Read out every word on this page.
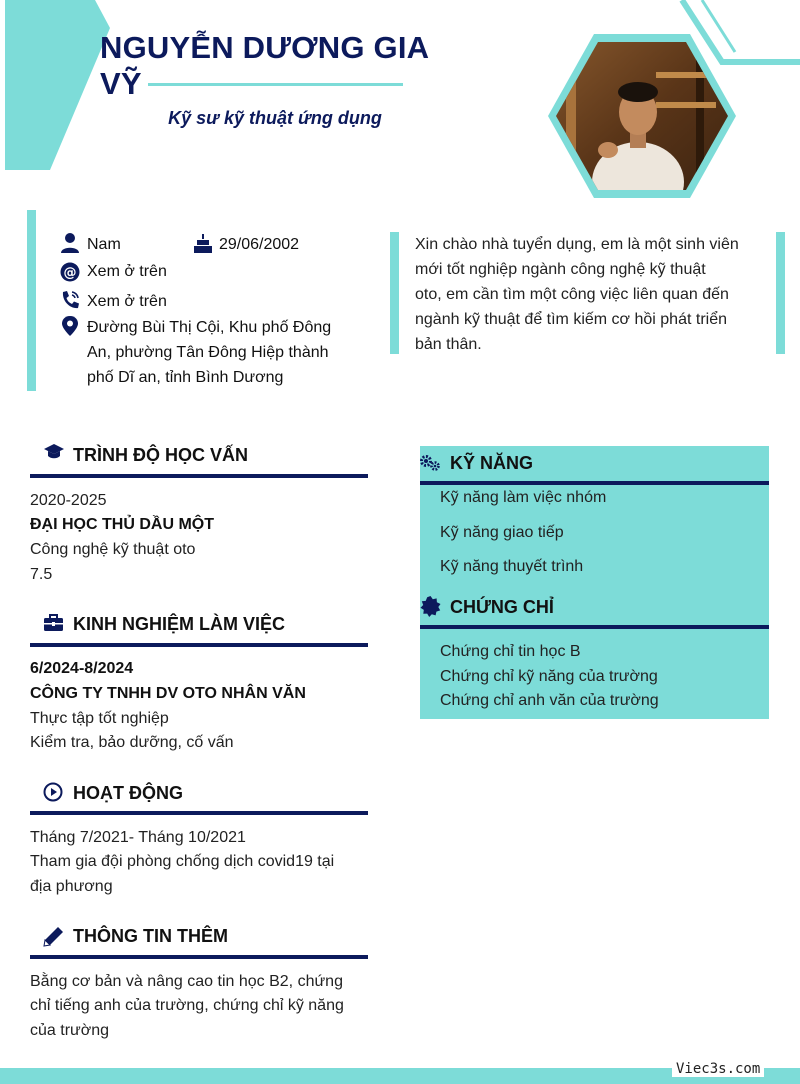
NGUYỄN DƯƠNG GIA VỸ
Kỹ sư kỹ thuật ứng dụng
Nam	29/06/2002
@ Xem ở trên
Xem ở trên
Đường Bùi Thị Cội, Khu phố Đông
An, phường Tân Đông Hiệp thành
phố Dĩ an, tỉnh Bình Dương
Xin chào nhà tuyển dụng, em là một sinh viên
mới tốt nghiệp ngành công nghệ kỹ thuật
oto, em cần tìm một công việc liên quan đến
ngành kỹ thuật để tìm kiếm cơ hồi phát triển
bản thân.
TRÌNH ĐỘ HỌC VẤN
2020-2025
ĐẠI HỌC THỦ DẦU MỘT
Công nghệ kỹ thuật oto
7.5
KINH NGHIỆM LÀM VIỆC
6/2024-8/2024
CÔNG TY TNHH DV OTO NHÂN VĂN
Thực tập tốt nghiệp
Kiểm tra, bảo dưỡng, cố vấn
HOẠT ĐỘNG
Tháng 7/2021- Tháng 10/2021
Tham gia đội phòng chống dịch covid19 tại
địa phương
THÔNG TIN THÊM
Bằng cơ bản và nâng cao tin học B2, chứng
chỉ tiếng anh của trường, chứng chỉ kỹ năng
của trường
KỸ NĂNG
Kỹ năng làm việc nhóm
Kỹ năng giao tiếp
Kỹ năng thuyết trình
CHỨNG CHỈ
Chứng chỉ tin học B
Chứng chỉ kỹ năng của trường
Chứng chỉ anh văn của trường
Viec3s.com
